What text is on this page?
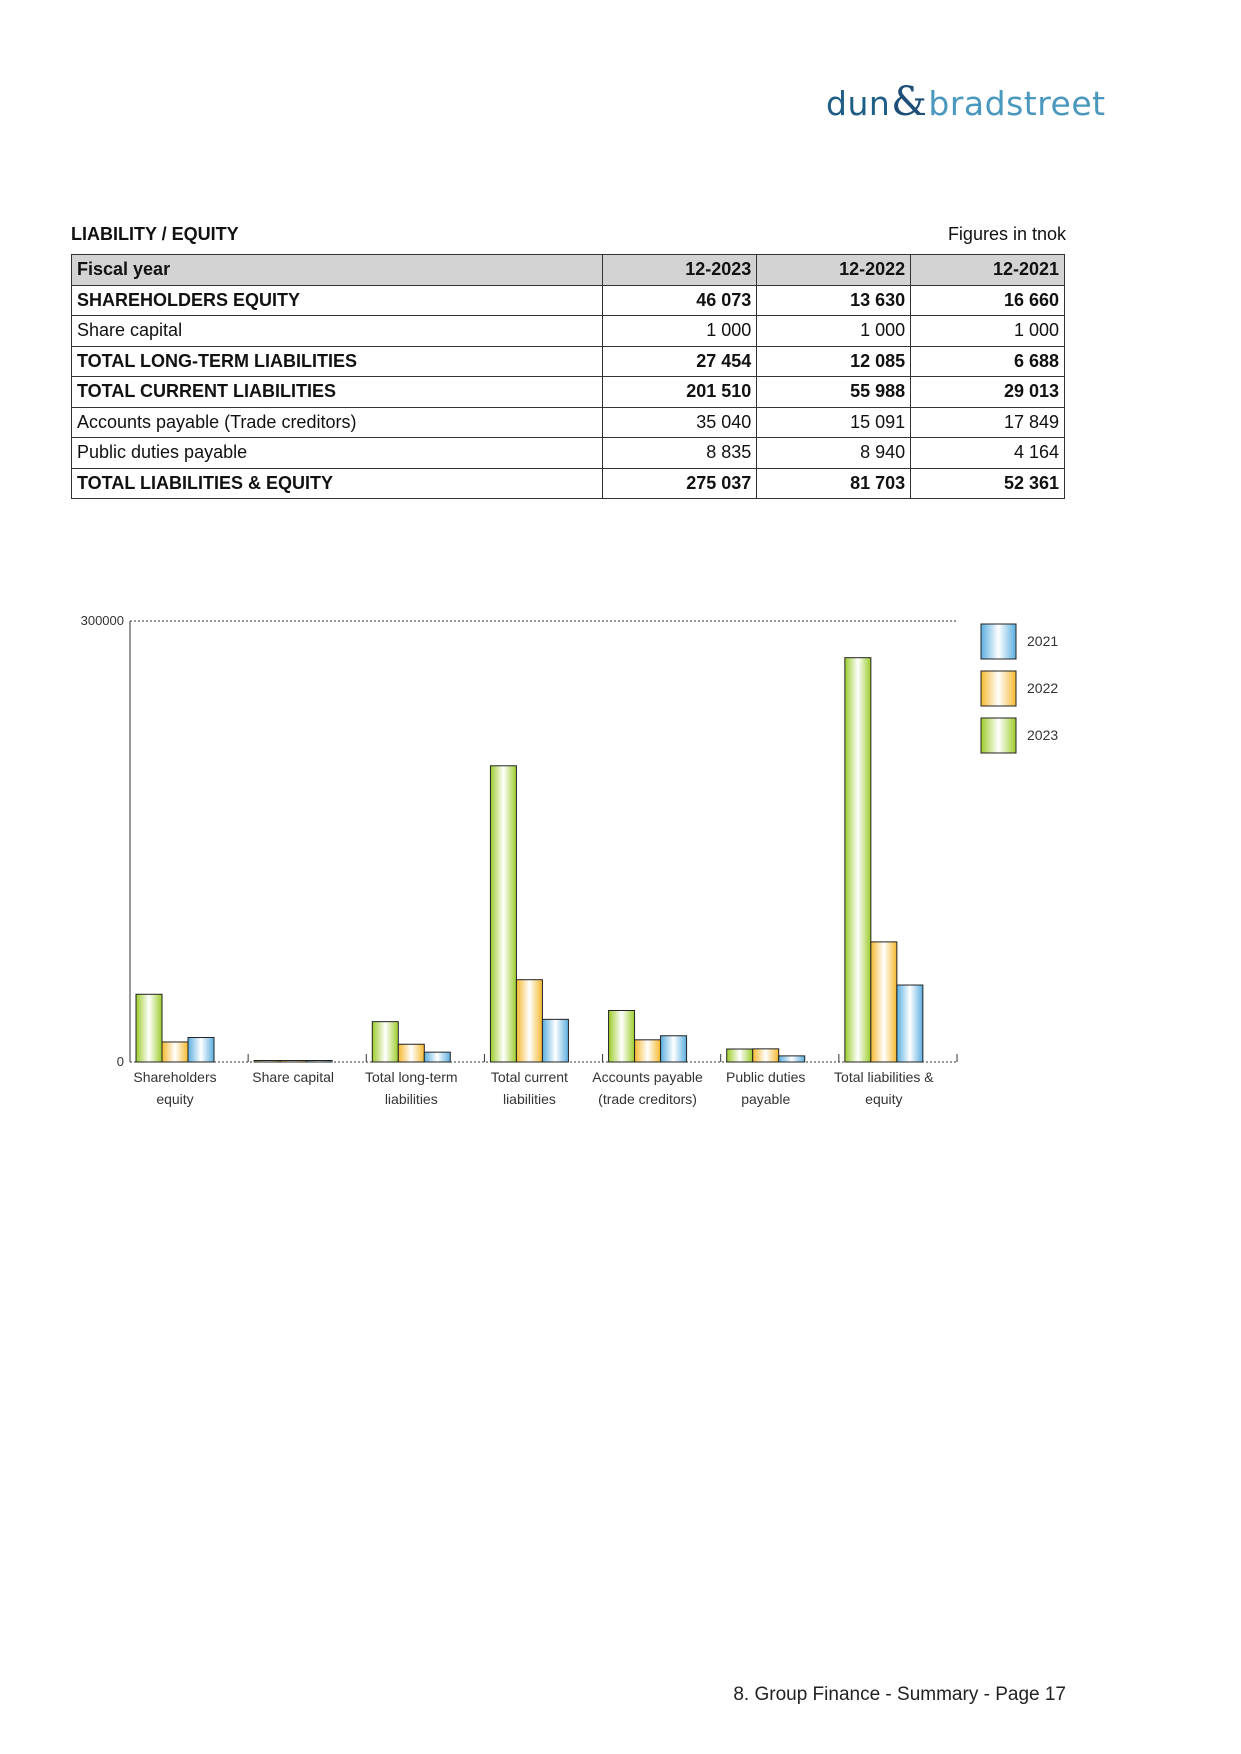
dun&bradstreet
LIABILITY / EQUITY	Figures in tnok
Fiscal year	12-2023	12-2022	12-2021
SHAREHOLDERS EQUITY	46 073	13 630	16 660
Share capital	1 000	1 000	1 000
TOTAL LONG-TERM LIABILITIES	27 454	12 085	6 688
TOTAL CURRENT LIABILITIES	201 510	55 988	29 013
Accounts payable (Trade creditors)	35 040	15 091	17 849
Public duties payable	8 835	8 940	4 164
TOTAL LIABILITIES & EQUITY	275 037	81 703	52 361
300000
0
Shareholders
equity
Share capital Total long-term
liabilities
Total current
liabilities
Accounts payable
(trade creditors)
Public duties
payable
Total liabilities &
equity
2021
2022
2023
8. Group Finance - Summary - Page 17
